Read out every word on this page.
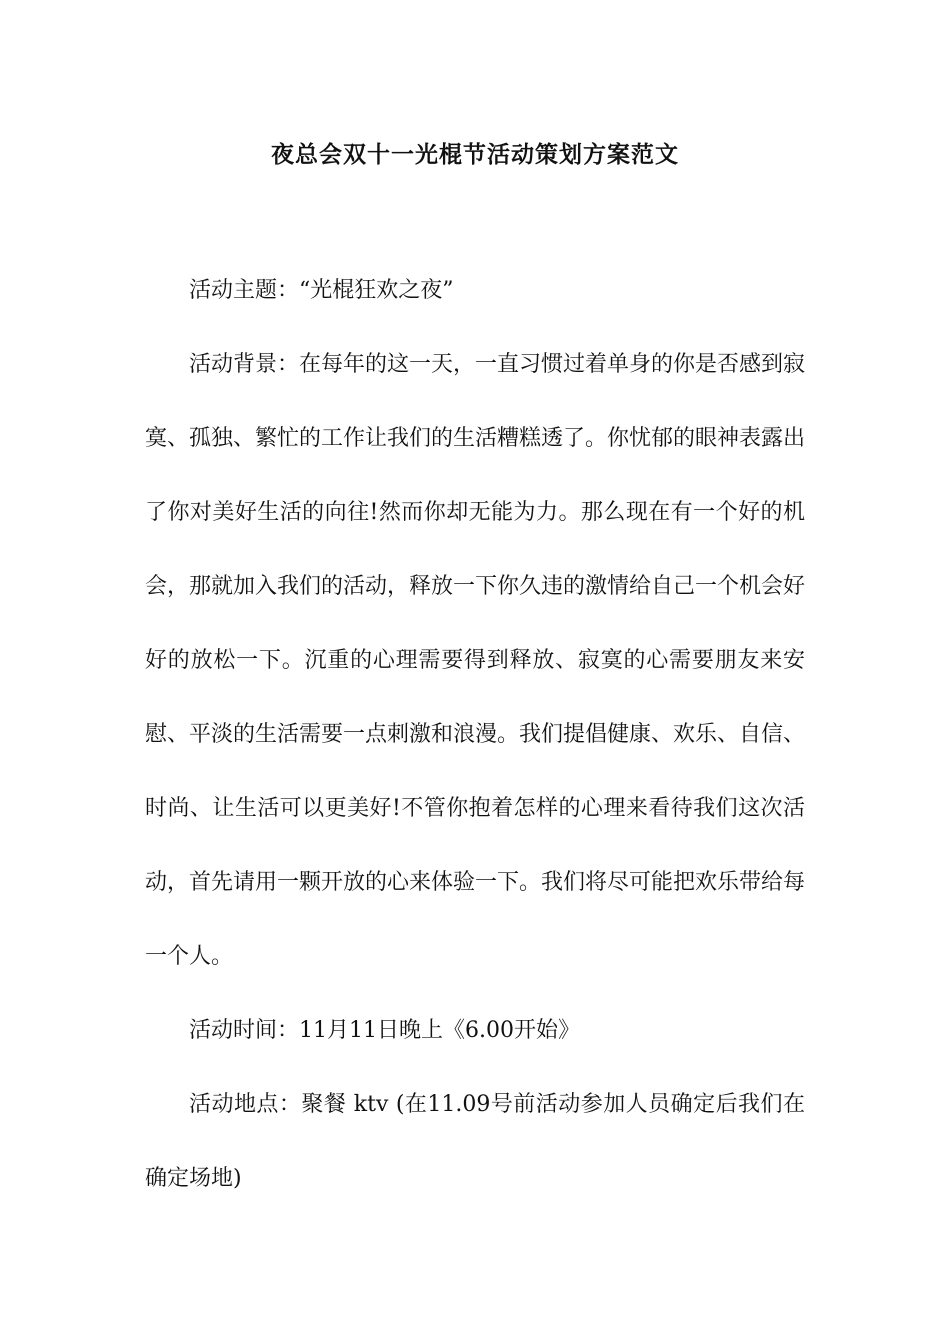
夜总会双十一光棍节活动策划方案范文

活动主题：“光棍狂欢之夜”

活动背景：在每年的这一天，一直习惯过着单身的你是否感到寂寞、孤独、繁忙的工作让我们的生活糟糕透了。你忧郁的眼神表露出了你对美好生活的向往!然而你却无能为力。那么现在有一个好的机会，那就加入我们的活动，释放一下你久违的激情给自己一个机会好好的放松一下。沉重的心理需要得到释放、寂寞的心需要朋友来安慰、平淡的生活需要一点刺激和浪漫。我们提倡健康、欢乐、自信、时尚、让生活可以更美好!不管你抱着怎样的心理来看待我们这次活动，首先请用一颗开放的心来体验一下。我们将尽可能把欢乐带给每一个人。

活动时间：11月11日晚上《6.00开始》

活动地点：聚餐 ktv (在11.09号前活动参加人员确定后我们在确定场地)
